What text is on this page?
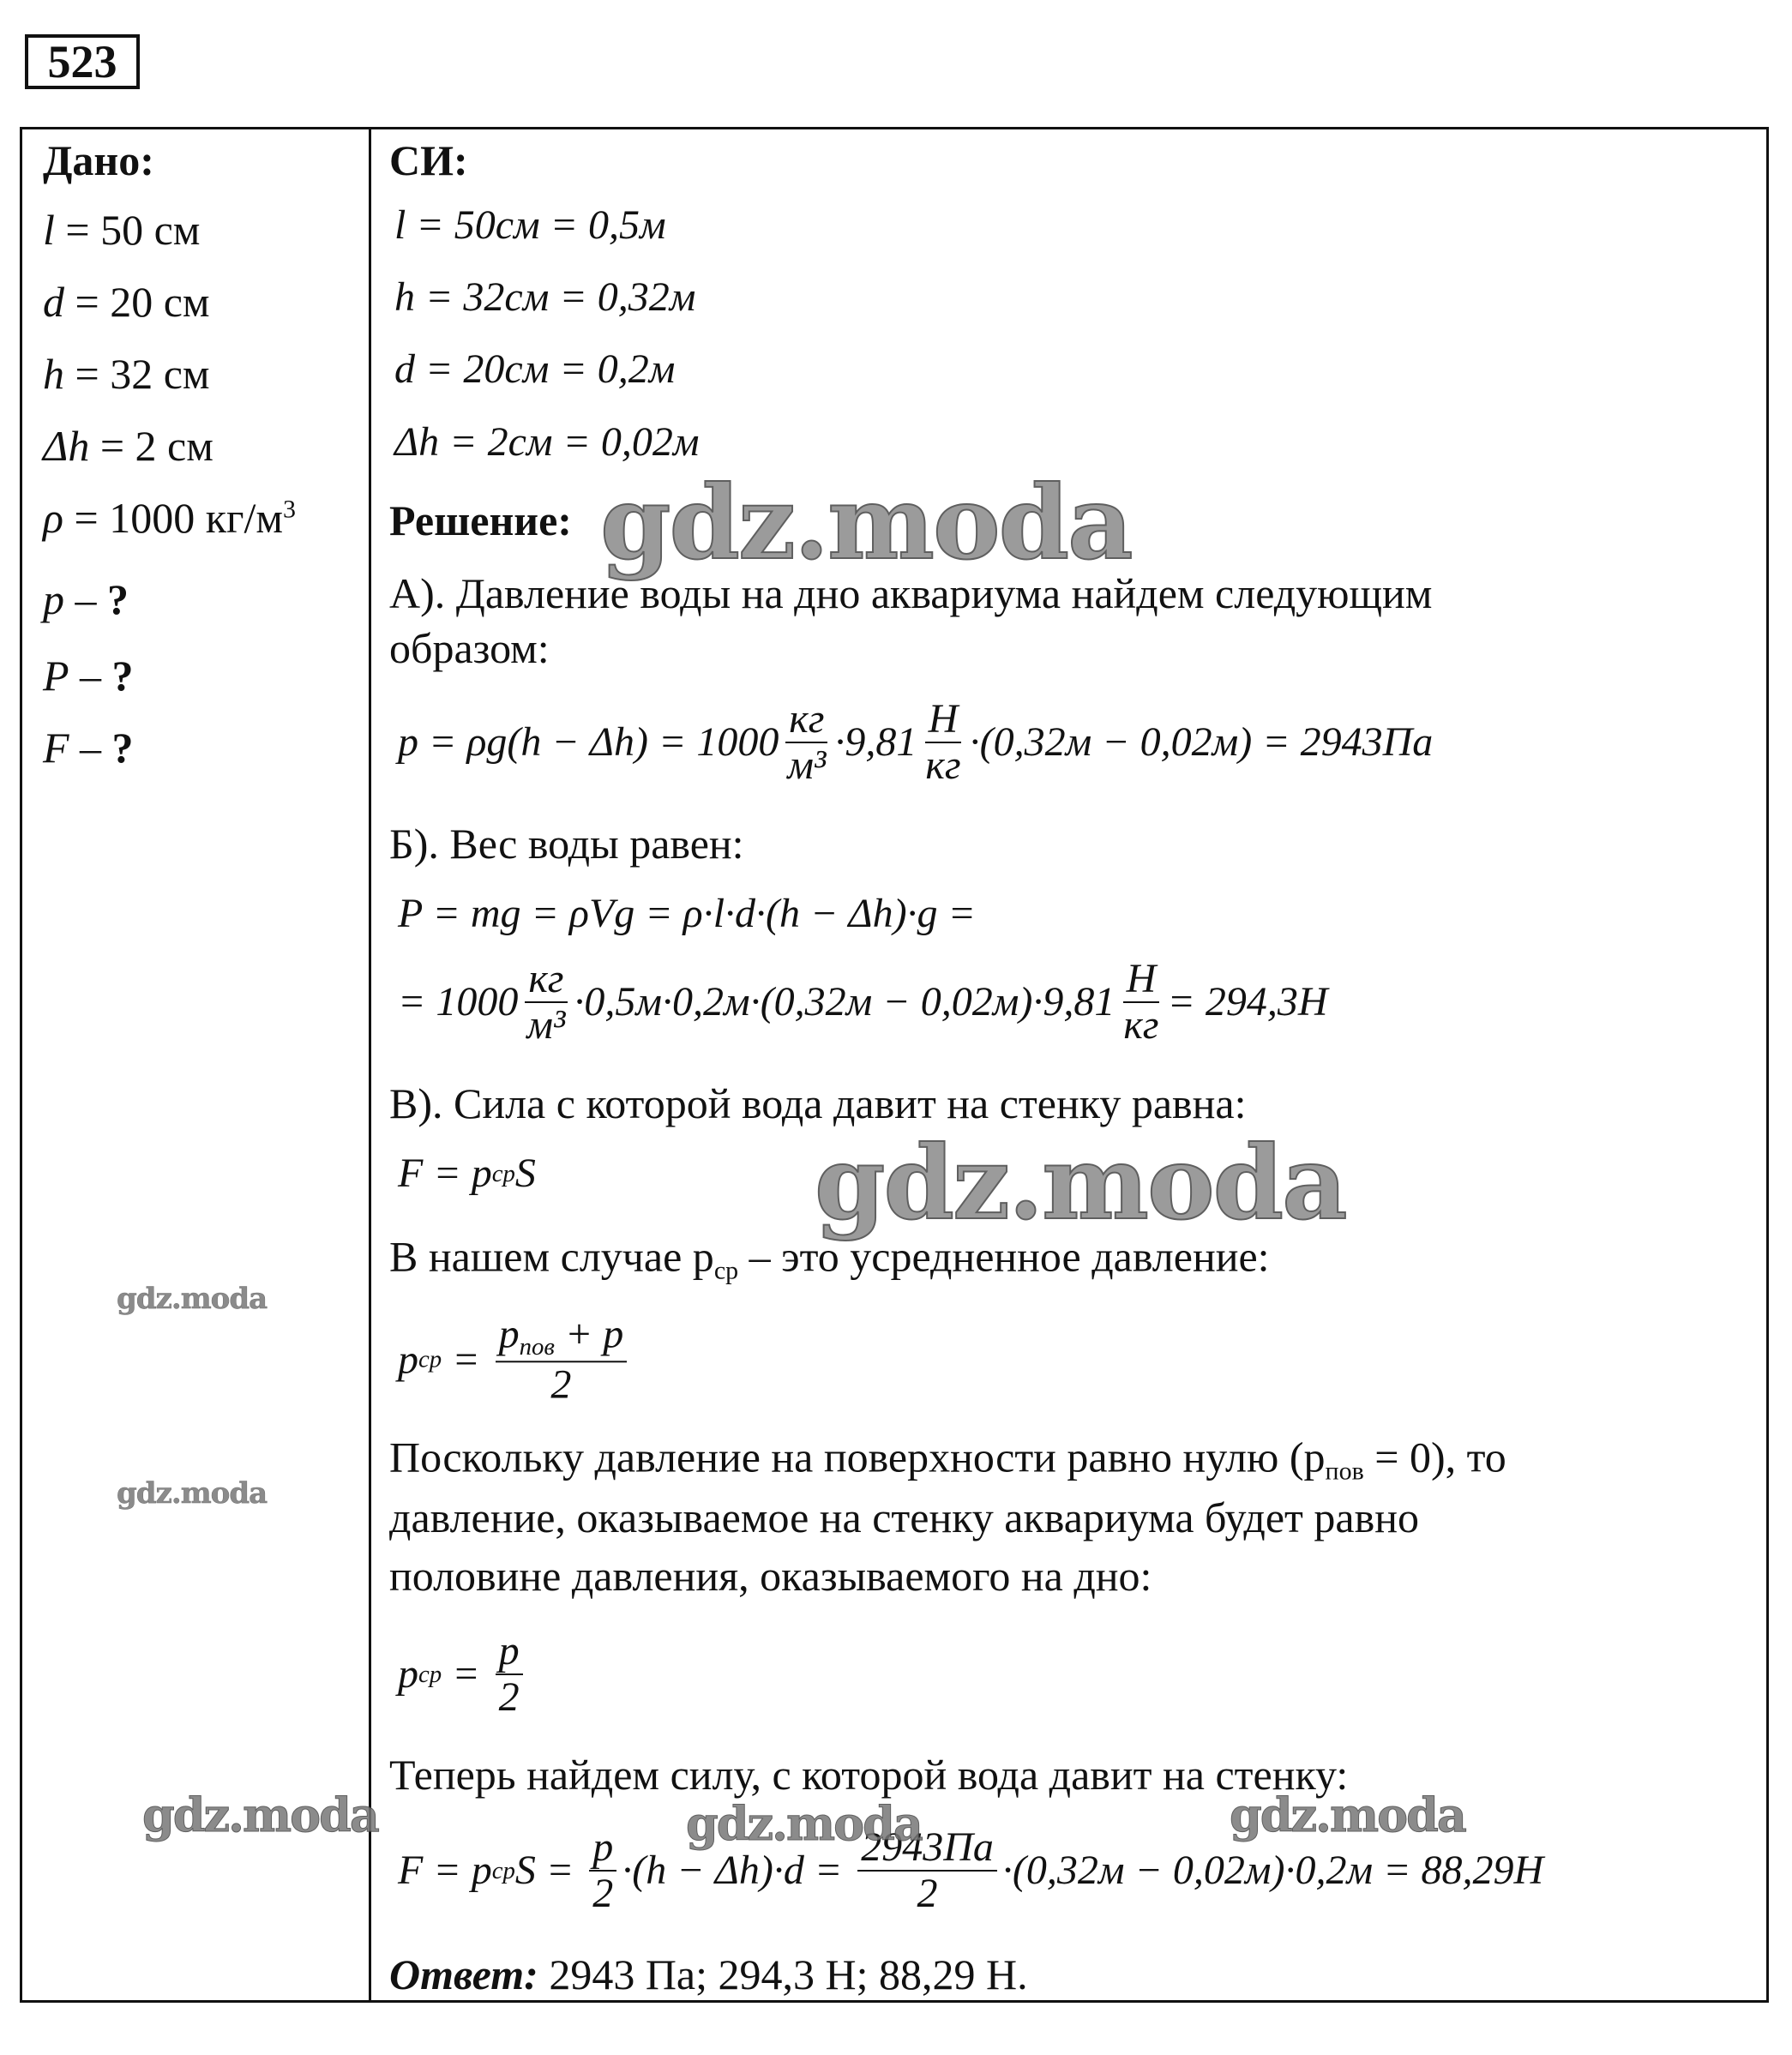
523
Дано:
l = 50 см
d = 20 см
h = 32 см
Δh = 2 см
ρ = 1000 $кг/м^3$
p – ?
P – ?
F – ?
СИ:
l = 50см = 0,5м
h = 32см = 0,32м
d = 20см = 0,2м
Δh = 2см = 0,02м
Решение:
А). Давление воды на дно аквариума найдем следующим
образом:
$p = \rho g(h - \Delta h) = 1000 \frac{кг}{\text{м³}} \cdot 9,81 \frac{Н}{кг} \cdot(0,32м - 0,02м) = 2943Па$
Б). Вес воды равен:
P = mg = ρVg = ρ·l·d·(h − Δh)·g =
= $1000 \frac{кг}{\text{м³}} \cdot 0,5м\cdot 0,2м\cdot(0,32м - 0,02м)\cdot 9,81 \frac{Н}{кг} = 294,3Н$
В). Сила с которой вода давит на стенку равна:
F = p ср S
В нашем случае pср – это усредненное давление:
p ср = $\frac{\text{pпов + p}}{2}$
Поскольку давление на поверхности равно нулю (pпов = 0), то
давление, оказываемое на стенку аквариума будет равно
половине давления, оказываемого на дно:
p ср = $\frac{p}{2}$
Теперь найдем силу, с которой вода давит на стенку:
F = p ср $S = \frac{p}{2} \cdot(h - \Delta h)\cdot d = \frac{2943Па}{2} \cdot(0,32м - 0,02м)\cdot 0,2м = 88,29Н$
Ответ: 2943 Па; 294,3 Н; 88,29 Н.
gdz.moda
gdz.moda
gdz.moda
gdz.moda
gdz.moda	gdz.moda	gdz.moda
